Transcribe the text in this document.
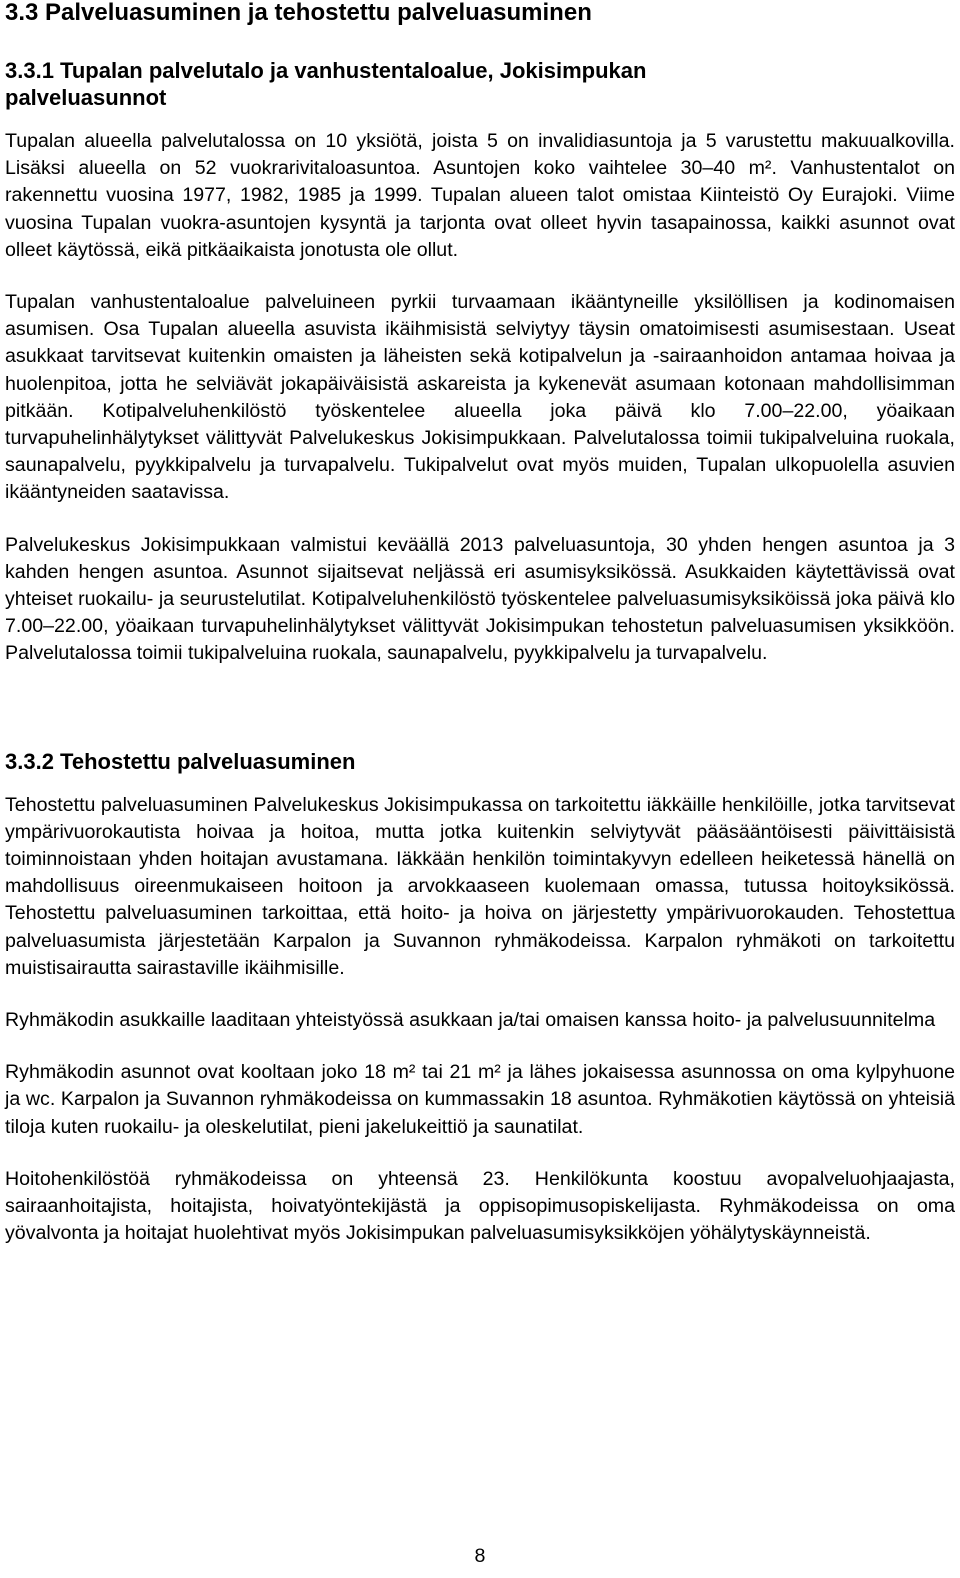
3.3 Palveluasuminen ja tehostettu palveluasuminen
3.3.1 Tupalan palvelutalo ja vanhustentaloalue, Jokisimpukan palveluasunnot

Tupalan alueella palvelutalossa on 10 yksiötä, joista 5 on invalidiasuntoja ja 5 varustettu makuualkovilla. Lisäksi alueella on 52 vuokrarivitaloasuntoa. Asuntojen koko vaihtelee 30–40 m². Vanhustentalot on rakennettu vuosina 1977, 1982, 1985 ja 1999. Tupalan alueen talot omistaa Kiinteistö Oy Eurajoki. Viime vuosina Tupalan vuokra-asuntojen kysyntä ja tarjonta ovat olleet hyvin tasapainossa, kaikki asunnot ovat olleet käytössä, eikä pitkäaikaista jonotusta ole ollut.

Tupalan vanhustentaloalue palveluineen pyrkii turvaamaan ikääntyneille yksilöllisen ja kodinomaisen asumisen. Osa Tupalan alueella asuvista ikäihmisistä selviytyy täysin omatoimisesti asumisestaan. Useat asukkaat tarvitsevat kuitenkin omaisten ja läheisten sekä kotipalvelun ja -sairaanhoidon antamaa hoivaa ja huolenpitoa, jotta he selviävät jokapäiväisistä askareista ja kykenevät asumaan kotonaan mahdollisimman pitkään. Kotipalveluhenkilöstö työskentelee alueella joka päivä klo 7.00–22.00, yöaikaan turvapuhelinhälytykset välittyvät Palvelukeskus Jokisimpukkaan. Palvelutalossa toimii tukipalveluina ruokala, saunapalvelu, pyykkipalvelu ja turvapalvelu. Tukipalvelut ovat myös muiden, Tupalan ulkopuolella asuvien ikääntyneiden saatavissa.

Palvelukeskus Jokisimpukkaan valmistui keväällä 2013 palveluasuntoja, 30 yhden hengen asuntoa ja 3 kahden hengen asuntoa. Asunnot sijaitsevat neljässä eri asumisyksikössä. Asukkaiden käytettävissä ovat yhteiset ruokailu- ja seurustelutilat. Kotipalveluhenkilöstö työskentelee palveluasumisyksiköissä joka päivä klo 7.00–22.00, yöaikaan turvapuhelinhälytykset välittyvät Jokisimpukan tehostetun palveluasumisen yksikköön. Palvelutalossa toimii tukipalveluina ruokala, saunapalvelu, pyykkipalvelu ja turvapalvelu.

3.3.2 Tehostettu palveluasuminen

Tehostettu palveluasuminen Palvelukeskus Jokisimpukassa on tarkoitettu iäkkäille henkilöille, jotka tarvitsevat ympärivuorokautista hoivaa ja hoitoa, mutta jotka kuitenkin selviytyvät pääsääntöisesti päivittäisistä toiminnoistaan yhden hoitajan avustamana. Iäkkään henkilön toimintakyvyn edelleen heiketessä hänellä on mahdollisuus oireenmukaiseen hoitoon ja arvokkaaseen kuolemaan omassa, tutussa hoitoyksikössä. Tehostettu palveluasuminen tarkoittaa, että hoito- ja hoiva on järjestetty ympärivuorokauden. Tehostettua palveluasumista järjestetään Karpalon ja Suvannon ryhmäkodeissa. Karpalon ryhmäkoti on tarkoitettu muistisairautta sairastaville ikäihmisille.

Ryhmäkodin asukkaille laaditaan yhteistyössä asukkaan ja/tai omaisen kanssa hoito- ja palvelusuunnitelma

Ryhmäkodin asunnot ovat kooltaan joko 18 m² tai 21 m² ja lähes jokaisessa asunnossa on oma kylpyhuone ja wc. Karpalon ja Suvannon ryhmäkodeissa on kummassakin 18 asuntoa. Ryhmäkotien käytössä on yhteisiä tiloja kuten ruokailu- ja oleskelutilat, pieni jakelukeittiö ja saunatilat.

Hoitohenkilöstöä ryhmäkodeissa on yhteensä 23. Henkilökunta koostuu avopalveluohjaajasta, sairaanhoitajista, hoitajista, hoivatyöntekijästä ja oppisopimusopiskelijasta. Ryhmäkodeissa on oma yövalvonta ja hoitajat huolehtivat myös Jokisimpukan palveluasumisyksikköjen yöhälytyskäynneistä.

8
